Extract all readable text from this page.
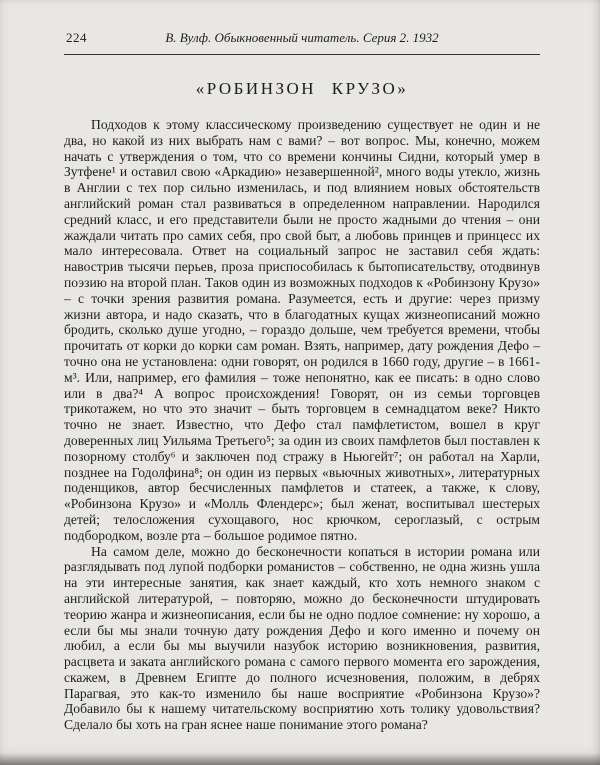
224	В. Вулф. Обыкновенный читатель. Серия 2. 1932
«РОБИНЗОН КРУЗО»

Подходов к этому классическому произведению существует не один и не два, но какой из них выбрать нам с вами? – вот вопрос. Мы, конечно, можем начать с утверждения о том, что со времени кончины Сидни, который умер в Зутфене¹ и оставил свою «Аркадию» незавершенной², много воды утекло, жизнь в Англии с тех пор сильно изменилась, и под влиянием новых обстоятельств английский роман стал развиваться в определенном направлении. Народился средний класс, и его представители были не просто жадными до чтения – они жаждали читать про самих себя, про свой быт, а любовь принцев и принцесс их мало интересовала. Ответ на социальный запрос не заставил себя ждать: навострив тысячи перьев, проза приспособилась к бытописательству, отодвинув поэзию на второй план. Таков один из возможных подходов к «Робинзону Крузо» – с точки зрения развития романа. Разумеется, есть и другие: через призму жизни автора, и надо сказать, что в благодатных кущах жизнеописаний можно бродить, сколько душе угодно, – гораздо дольше, чем требуется времени, чтобы прочитать от корки до корки сам роман. Взять, например, дату рождения Дефо – точно она не установлена: одни говорят, он родился в 1660 году, другие – в 1661-м³. Или, например, его фамилия – тоже непонятно, как ее писать: в одно слово или в два?⁴ А вопрос происхождения! Говорят, он из семьи торговцев трикотажем, но что это значит – быть торговцем в семнадцатом веке? Никто точно не знает. Известно, что Дефо стал памфлетистом, вошел в круг доверенных лиц Уильяма Третьего⁵; за один из своих памфлетов был поставлен к позорному столбу⁶ и заключен под стражу в Ньюгейт⁷; он работал на Харли, позднее на Годолфина⁸; он один из первых «вьючных животных», литературных поденщиков, автор бесчисленных памфлетов и статеек, а также, к слову, «Робинзона Крузо» и «Молль Флендерс»; был женат, воспитывал шестерых детей; телосложения сухощавого, нос крючком, сероглазый, с острым подбородком, возле рта – большое родимое пятно.

На самом деле, можно до бесконечности копаться в истории романа или разглядывать под лупой подборки романистов – собственно, не одна жизнь ушла на эти интересные занятия, как знает каждый, кто хоть немного знаком с английской литературой, – повторяю, можно до бесконечности штудировать теорию жанра и жизнеописания, если бы не одно подлое сомнение: ну хорошо, а если бы мы знали точную дату рождения Дефо и кого именно и почему он любил, а если бы мы выучили назубок историю возникновения, развития, расцвета и заката английского романа с самого первого момента его зарождения, скажем, в Древнем Египте до полного исчезновения, положим, в дебрях Парагвая, это как-то изменило бы наше восприятие «Робинзона Крузо»? Добавило бы к нашему читательскому восприятию хоть толику удовольствия? Сделало бы хоть на гран яснее наше понимание этого романа?
